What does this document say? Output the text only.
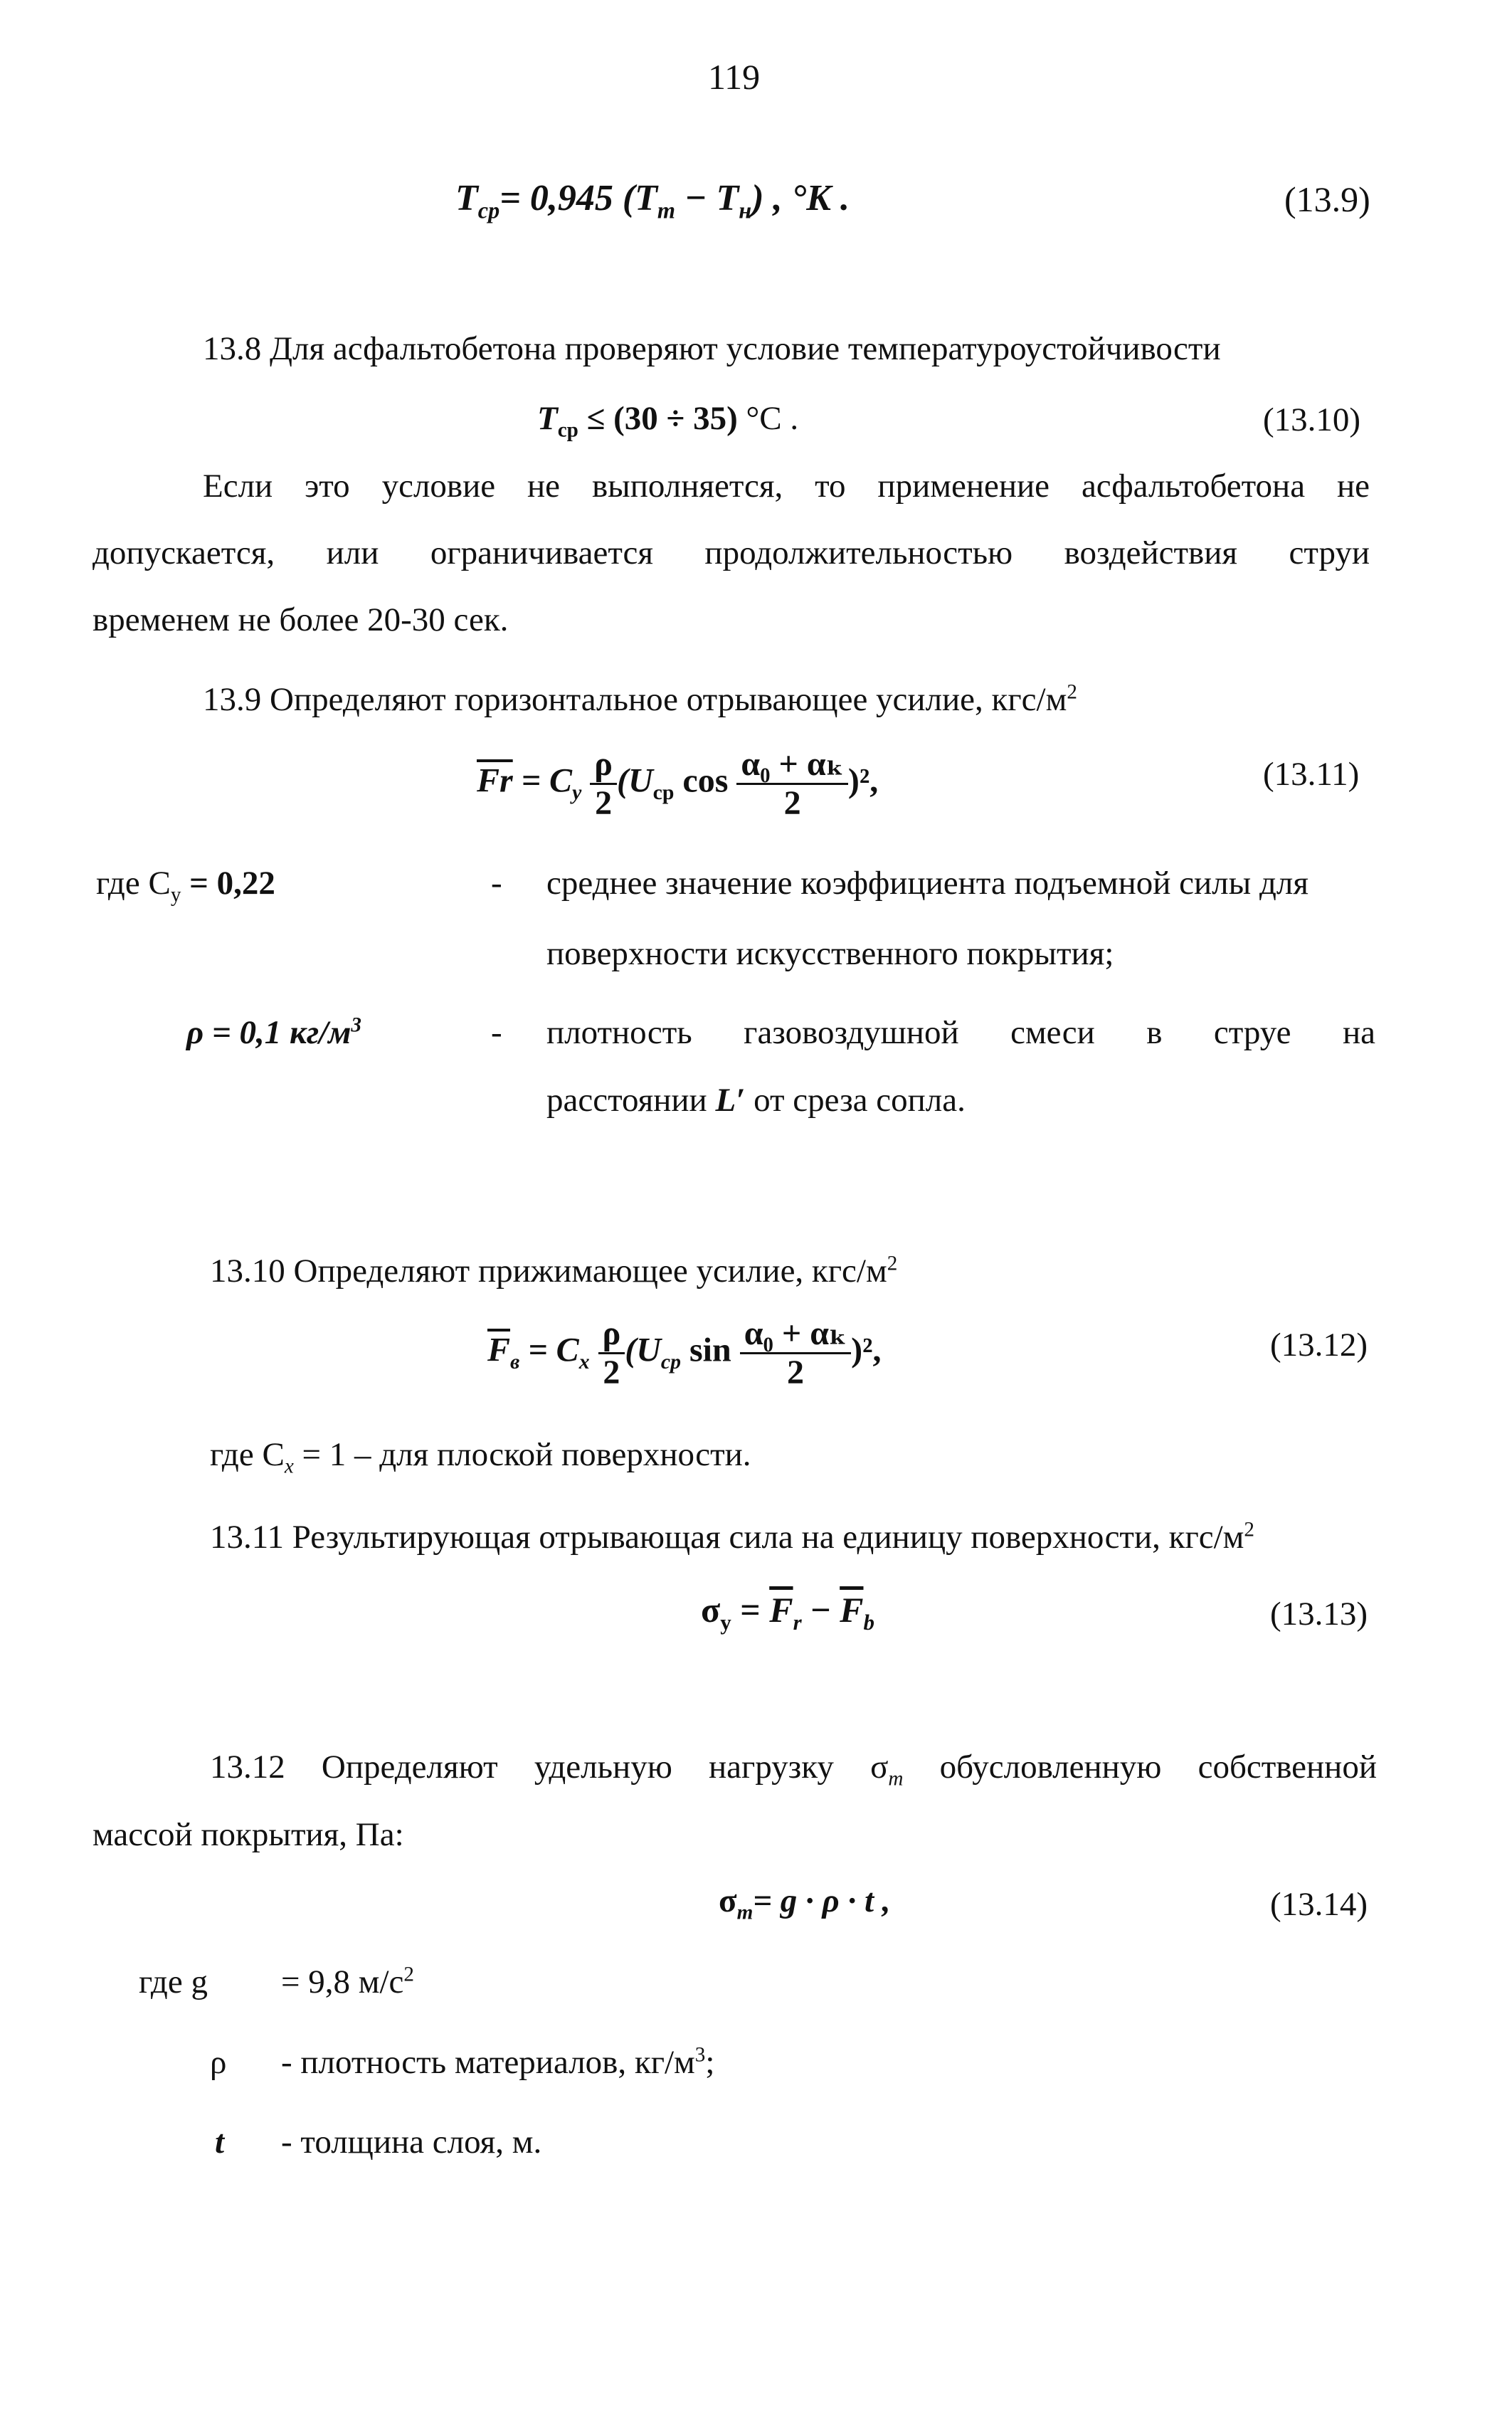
119
$T_{cp}= 0,945$ $(T_m - T_н)$ , °K .	(13.9)
13.8 Для асфальтобетона проверяют условие температуроустойчивости
$T_{ср} \le (30 \div 35)$ °С .	(13.10)
Если это условие не выполняется, то применение асфальтобетона не
допускается, или ограничивается продолжительностью воздействия струи
временем не более 20-30 сек.
13.9 Определяют горизонтальное отрывающее усилие, кгс/$м^2$
$\overline{Fr} = C_y \frac{\rho}{2} (U_{ср}$ $\cos \frac{\text{α₀ + αₖ}}{2} )^2$,	(13.11)
где $C_y = 0,22$	- среднее значение коэффициента подъемной силы для
поверхности искусственного покрытия;
ρ = 0,1 $кг/м^3$	- плотность газовоздушной смеси в струе на
расстоянии L′ от среза сопла.
13.10 Определяют прижимающее усилие, кгс/$м^2$
$\overline{F}_в = C_x \frac{\rho}{2} (U_{ср}$ $\sin \frac{\text{α₀ + αₖ}}{2} )^2$,	(13.12)
где $C_x = 1$ – для плоской поверхности.
13.11 Результирующая отрывающая сила на единицу поверхности, кгс/$м^2$
$\sigma_y = \overline{F}_r - \overline{F}_b$	(13.13)
13.12 Определяют удельную нагрузку $\sigma_m$ обусловленную собственной
массой покрытия, Па:
$\sigma_m= g \cdot \rho \cdot t$ ,	(13.14)
где g = 9,8 $м/с^2$
ρ - плотность материалов, $кг/м^3$;
t - толщина слоя, м.
